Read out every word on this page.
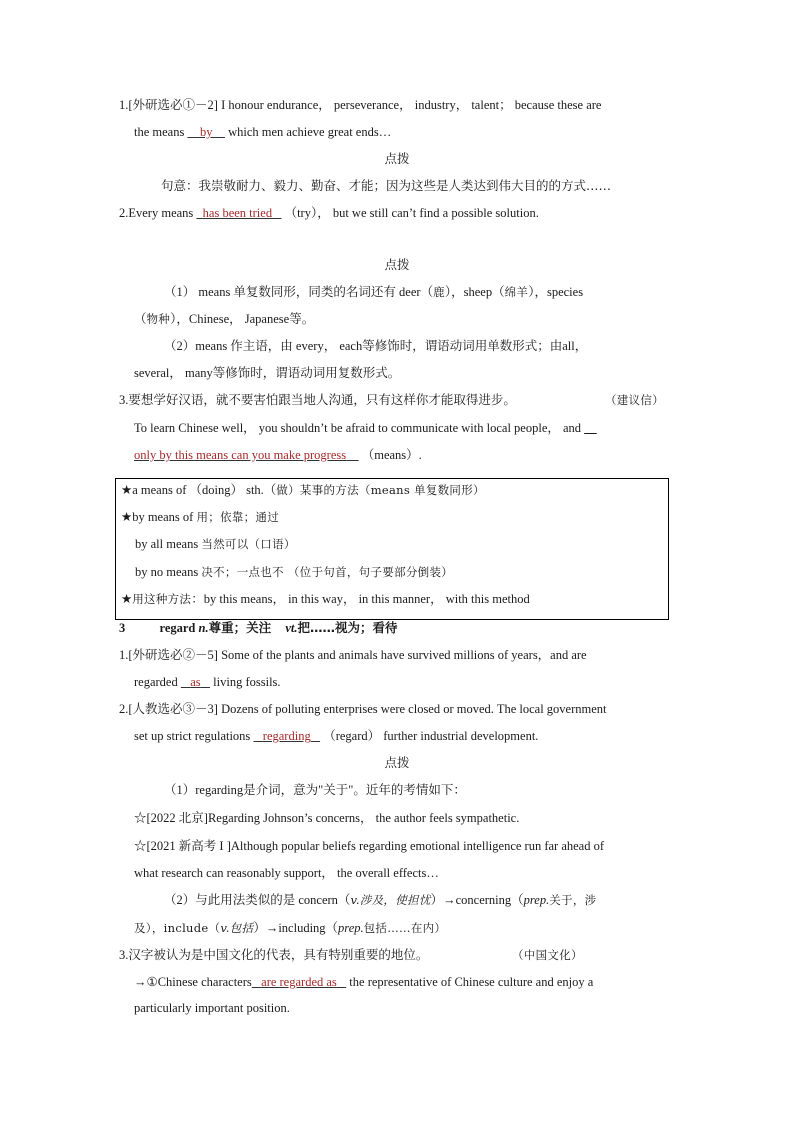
1.[外研选必①－2] I honour endurance， perseverance， industry， talent； because these are
the means by which men achieve great ends…
点拨
句意：我崇敬耐力、毅力、勤奋、才能；因为这些是人类达到伟大目的的方式……
2.Every means has been tried （try）， but we still can’t find a possible solution.
点拨
（1） means 单复数同形，同类的名词还有 deer（鹿），sheep（绵羊），species
（物种），Chinese， Japanese等。
（2）means 作主语，由 every， each等修饰时，谓语动词用单数形式；由all，
several， many等修饰时，谓语动词用复数形式。
3.要想学好汉语，就不要害怕跟当地人沟通，只有这样你才能取得进步。	（建议信）
To learn Chinese well， you shouldn’t be afraid to communicate with local people， and
only by this means can you make progress （means）.
★a means of （doing） sth.（做）某事的方法（means 单复数同形）
★by means of 用；依靠；通过
by all means 当然可以（口语）
by no means 决不；一点也不 （位于句首，句子要部分倒装）
★用这种方法：by this means， in this way， in this manner， with this method
3	regard n.尊重；关注 vt.把……视为；看待
1.[外研选必②－5] Some of the plants and animals have survived millions of years，and are
regarded as living fossils.
2.[人教选必③－3] Dozens of polluting enterprises were closed or moved. The local government
set up strict regulations regarding （regard） further industrial development.
点拨
（1）regarding是介词，意为"关于"。近年的考情如下：
☆[2022 北京]Regarding Johnson’s concerns， the author feels sympathetic.
☆[2021 新高考 I ]Although popular beliefs regarding emotional intelligence run far ahead of
what research can reasonably support， the overall effects…
（2）与此用法类似的是 concern（v.涉及，使担忧）→concerning（prep.关于，涉
及），include（v.包括）→including（prep.包括……在内）
3.汉字被认为是中国文化的代表，具有特别重要的地位。	（中国文化）
→①Chinese characters are regarded as the representative of Chinese culture and enjoy a
particularly important position.
